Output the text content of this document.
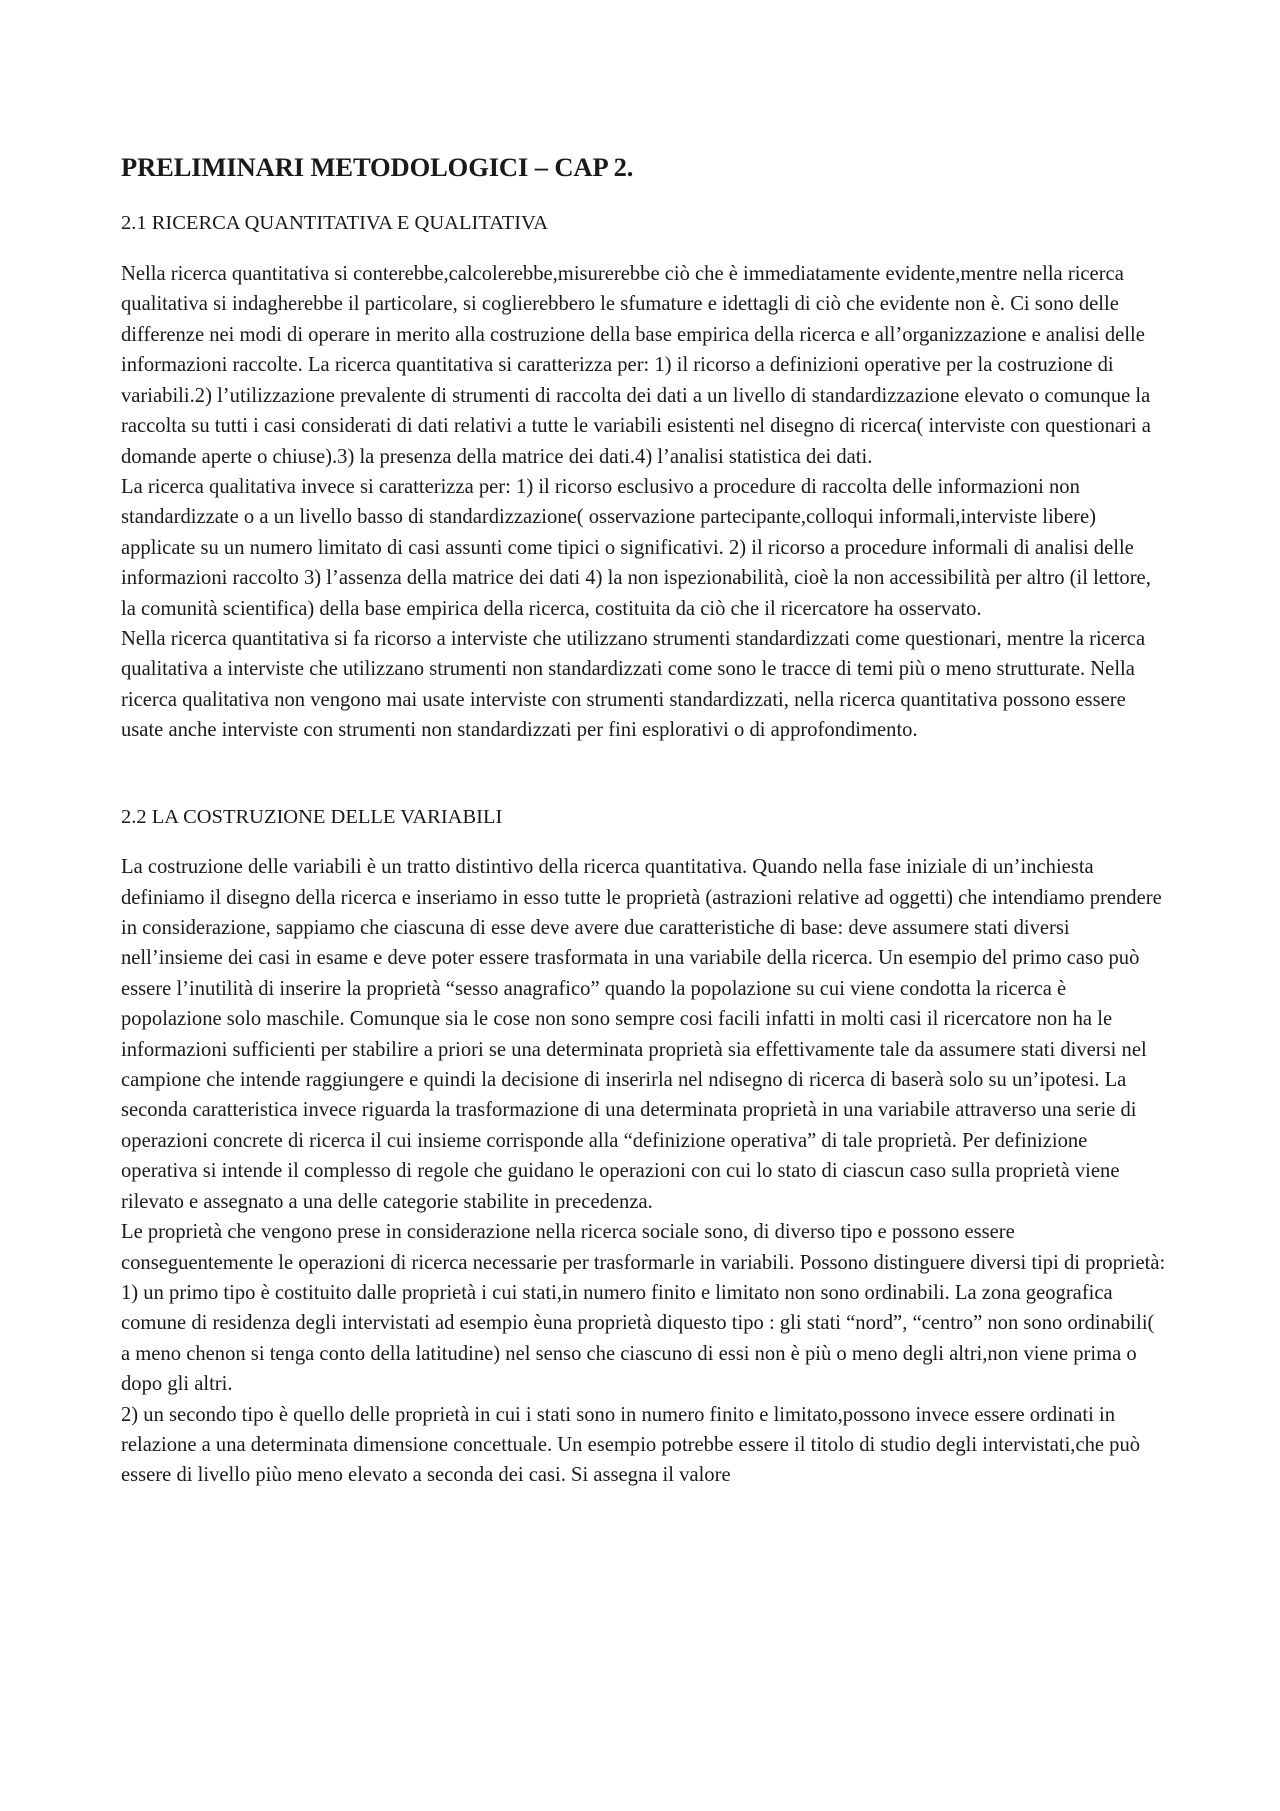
PRELIMINARI METODOLOGICI – CAP 2.
2.1 RICERCA QUANTITATIVA E QUALITATIVA

Nella ricerca quantitativa si conterebbe,calcolerebbe,misurerebbe ciò che è immediatamente evidente,mentre nella ricerca qualitativa si indagherebbe il particolare, si coglierebbero le sfumature e idettagli di ciò che evidente non è. Ci sono delle differenze nei modi di operare in merito alla costruzione della base empirica della ricerca e all’organizzazione e analisi delle informazioni raccolte. La ricerca quantitativa si caratterizza per: 1) il ricorso a definizioni operative per la costruzione di variabili.2) l’utilizzazione prevalente di strumenti di raccolta dei dati a un livello di standardizzazione elevato o comunque la raccolta su tutti i casi considerati di dati relativi a tutte le variabili esistenti nel disegno di ricerca( interviste con questionari a domande aperte o chiuse).3) la presenza della matrice dei dati.4) l’analisi statistica dei dati.

La ricerca qualitativa invece si caratterizza per: 1) il ricorso esclusivo a procedure di raccolta delle informazioni non standardizzate o a un livello basso di standardizzazione( osservazione partecipante,colloqui informali,interviste libere) applicate su un numero limitato di casi assunti come tipici o significativi. 2) il ricorso a procedure informali di analisi delle informazioni raccolto 3) l’assenza della matrice dei dati 4) la non ispezionabilità, cioè la non accessibilità per altro (il lettore, la comunità scientifica) della base empirica della ricerca, costituita da ciò che il ricercatore ha osservato.

Nella ricerca quantitativa si fa ricorso a interviste che utilizzano strumenti standardizzati come questionari, mentre la ricerca qualitativa a interviste che utilizzano strumenti non standardizzati come sono le tracce di temi più o meno strutturate. Nella ricerca qualitativa non vengono mai usate interviste con strumenti standardizzati, nella ricerca quantitativa possono essere usate anche interviste con strumenti non standardizzati per fini esplorativi o di approfondimento.

2.2 LA COSTRUZIONE DELLE VARIABILI

La costruzione delle variabili è un tratto distintivo della ricerca quantitativa. Quando nella fase iniziale di un’inchiesta definiamo il disegno della ricerca e inseriamo in esso tutte le proprietà (astrazioni relative ad oggetti) che intendiamo prendere in considerazione, sappiamo che ciascuna di esse deve avere due caratteristiche di base: deve assumere stati diversi nell’insieme dei casi in esame e deve poter essere trasformata in una variabile della ricerca. Un esempio del primo caso può essere l’inutilità di inserire la proprietà “sesso anagrafico” quando la popolazione su cui viene condotta la ricerca è popolazione solo maschile. Comunque sia le cose non sono sempre cosi facili infatti in molti casi il ricercatore non ha le informazioni sufficienti per stabilire a priori se una determinata proprietà sia effettivamente tale da assumere stati diversi nel campione che intende raggiungere e quindi la decisione di inserirla nel ndisegno di ricerca di baserà solo su un’ipotesi. La seconda caratteristica invece riguarda la trasformazione di una determinata proprietà in una variabile attraverso una serie di operazioni concrete di ricerca il cui insieme corrisponde alla “definizione operativa” di tale proprietà. Per definizione operativa si intende il complesso di regole che guidano le operazioni con cui lo stato di ciascun caso sulla proprietà viene rilevato e assegnato a una delle categorie stabilite in precedenza.

Le proprietà che vengono prese in considerazione nella ricerca sociale sono, di diverso tipo e possono essere conseguentemente le operazioni di ricerca necessarie per trasformarle in variabili. Possono distinguere diversi tipi di proprietà:

1) un primo tipo è costituito dalle proprietà i cui stati,in numero finito e limitato non sono ordinabili. La zona geografica comune di residenza degli intervistati ad esempio èuna proprietà diquesto tipo : gli stati “nord”, “centro” non sono ordinabili( a meno chenon si tenga conto della latitudine) nel senso che ciascuno di essi non è più o meno degli altri,non viene prima o dopo gli altri.

2) un secondo tipo è quello delle proprietà in cui i stati sono in numero finito e limitato,possono invece essere ordinati in relazione a una determinata dimensione concettuale. Un esempio potrebbe essere il titolo di studio degli intervistati,che può essere di livello piùo meno elevato a seconda dei casi. Si assegna il valore
